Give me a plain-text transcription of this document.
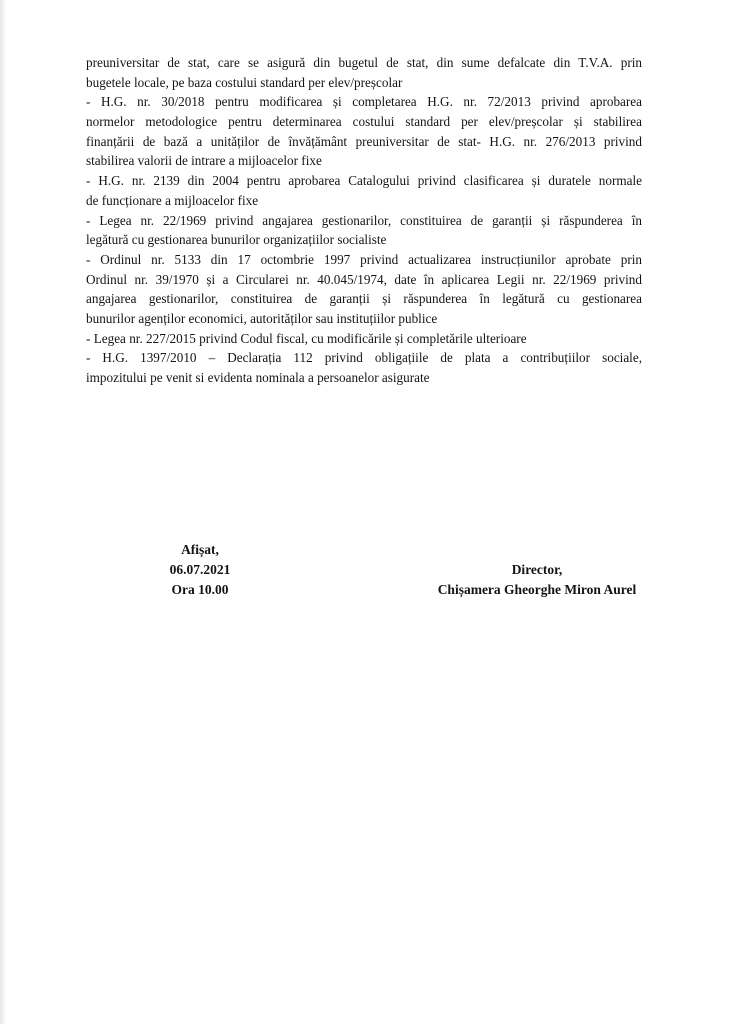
preuniversitar de stat, care se asigură din bugetul de stat, din sume defalcate din T.V.A. prin
bugetele locale, pe baza costului standard per elev/preșcolar
- H.G. nr. 30/2018 pentru modificarea și completarea H.G. nr. 72/2013 privind aprobarea
normelor metodologice pentru determinarea costului standard per elev/preșcolar și stabilirea
finanțării de bază a unităților de învățământ preuniversitar de stat- H.G. nr. 276/2013 privind
stabilirea valorii de intrare a mijloacelor fixe
- H.G. nr. 2139 din 2004 pentru aprobarea Catalogului privind clasificarea și duratele normale
de funcționare a mijloacelor fixe
- Legea nr. 22/1969 privind angajarea gestionarilor, constituirea de garanții și răspunderea în
legătură cu gestionarea bunurilor organizațiilor socialiste
- Ordinul nr. 5133 din 17 octombrie 1997 privind actualizarea instrucțiunilor aprobate prin
Ordinul nr. 39/1970 și a Circularei nr. 40.045/1974, date în aplicarea Legii nr. 22/1969 privind
angajarea gestionarilor, constituirea de garanții și răspunderea în legătură cu gestionarea
bunurilor agenților economici, autorităților sau instituțiilor publice
- Legea nr. 227/2015 privind Codul fiscal, cu modificările și completările ulterioare
- H.G. 1397/2010 – Declarația 112 privind obligațiile de plata a contribuțiilor sociale,
impozitului pe venit si evidenta nominala a persoanelor asigurate
Afișat,
06.07.2021
Ora 10.00
Director,
Chișamera Gheorghe Miron Aurel
